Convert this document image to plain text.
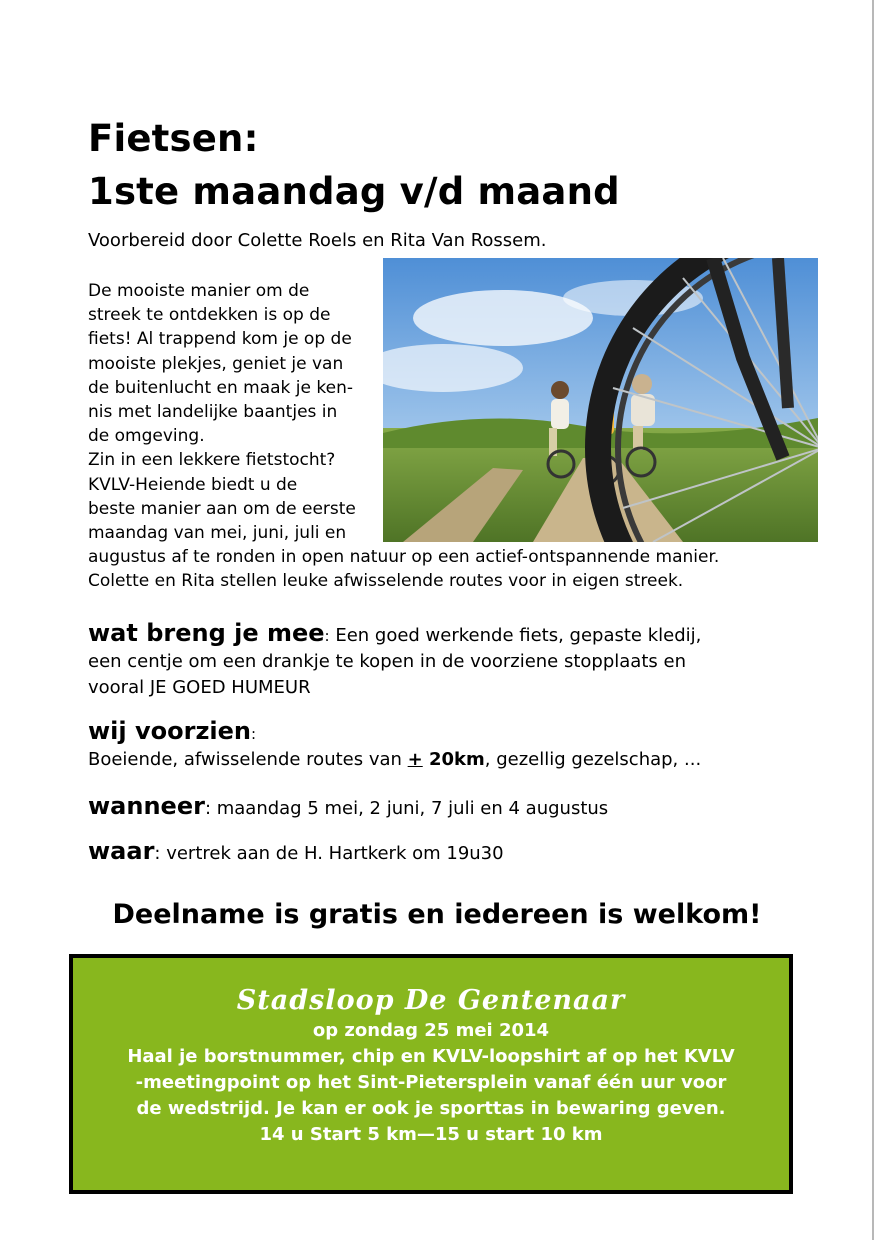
Fietsen:
1ste maandag v/d maand
Voorbereid door Colette Roels en Rita Van Rossem.
De mooiste manier om de
streek te ontdekken is op de
fiets! Al trappend kom je op de
mooiste plekjes, geniet je van
de buitenlucht en maak je ken-
nis met landelijke baantjes in
de omgeving.
Zin in een lekkere fietstocht?
KVLV-Heiende biedt u de
beste manier aan om de eerste
maandag van mei, juni, juli en
augustus af te ronden in open natuur op een actief-ontspannende manier.
Colette en Rita stellen leuke afwisselende routes voor in eigen streek.
wat breng je mee: Een goed werkende fiets, gepaste kledij,
een centje om een drankje te kopen in de voorziene stopplaats en
vooral JE GOED HUMEUR
wij voorzien:
Boeiende, afwisselende routes van + 20km, gezellig gezelschap, ...
wanneer: maandag 5 mei, 2 juni, 7 juli en 4 augustus
waar: vertrek aan de H. Hartkerk om 19u30
Deelname is gratis en iedereen is welkom!
Stadsloop De Gentenaar
op zondag 25 mei 2014
Haal je borstnummer, chip en KVLV-loopshirt af op het KVLV
-meetingpoint op het Sint-Pietersplein vanaf één uur voor
de wedstrijd. Je kan er ook je sporttas in bewaring geven.
14 u Start 5 km—15 u start 10 km
